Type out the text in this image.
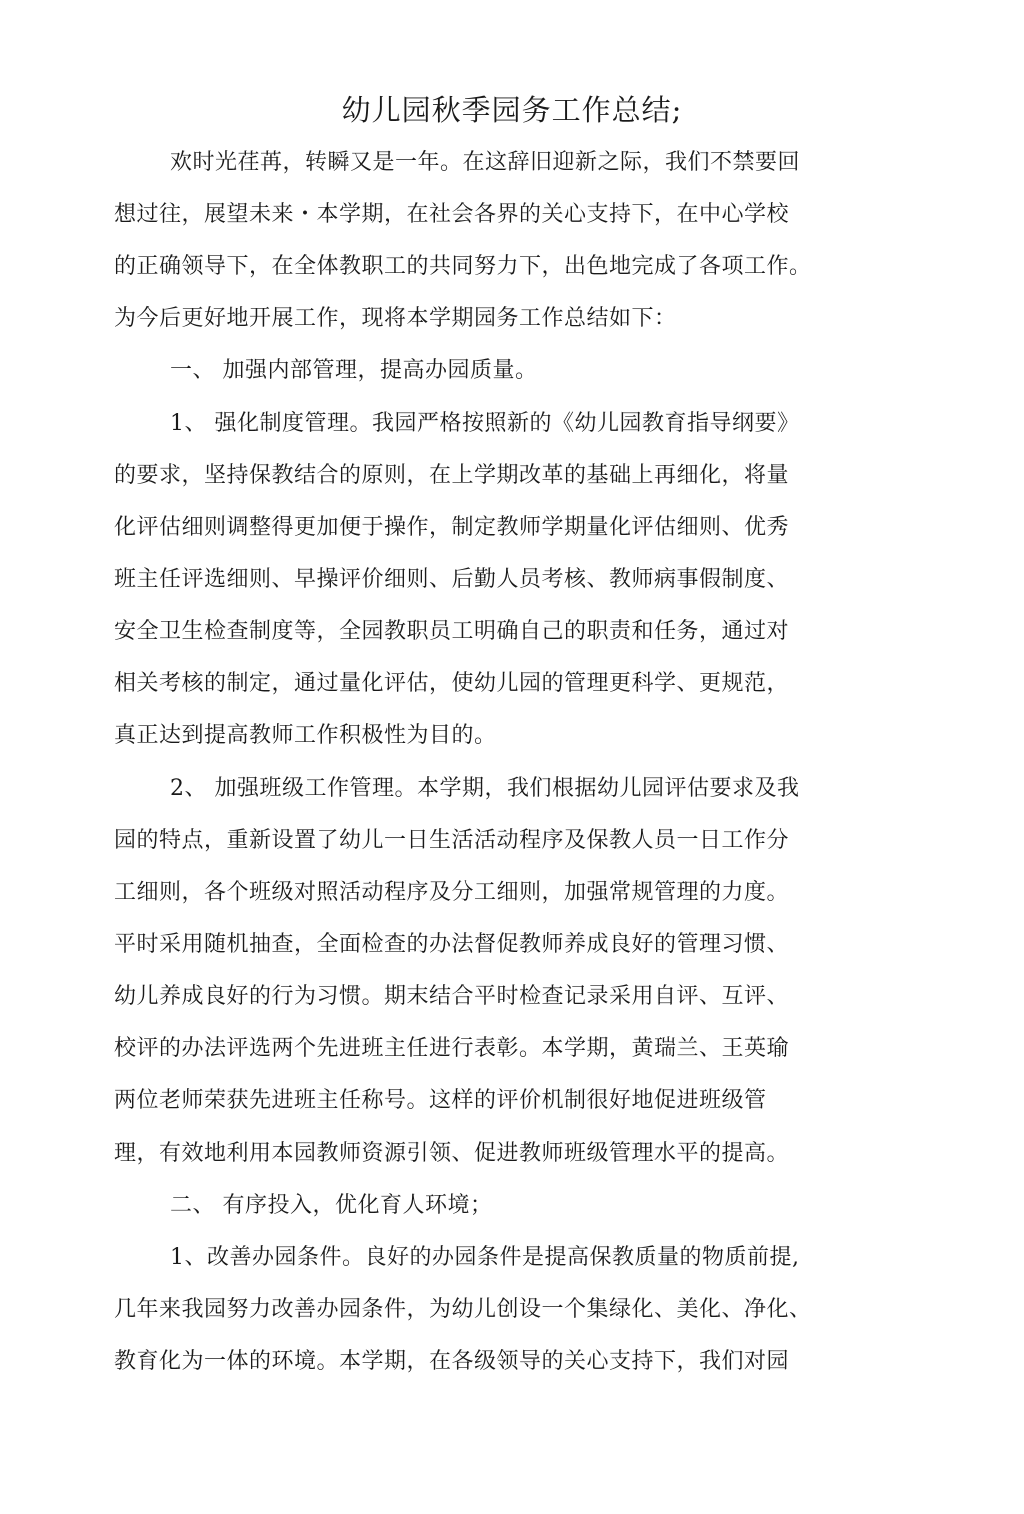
幼儿园秋季园务工作总结;

欢时光荏苒，转瞬又是一年。在这辞旧迎新之际，我们不禁要回

想过往，展望未来・本学期，在社会各界的关心支持下，在中心学校

的正确领导下，在全体教职工的共同努力下，出色地完成了各项工作。

为今后更好地开展工作，现将本学期园务工作总结如下：

一、 加强内部管理，提高办园质量。

1、 强化制度管理。我园严格按照新的《幼儿园教育指导纲要》

的要求，坚持保教结合的原则，在上学期改革的基础上再细化，将量

化评估细则调整得更加便于操作，制定教师学期量化评估细则、优秀

班主任评选细则、早操评价细则、后勤人员考核、教师病事假制度、

安全卫生检查制度等，全园教职员工明确自己的职责和任务，通过对

相关考核的制定，通过量化评估，使幼儿园的管理更科学、更规范，

真正达到提高教师工作积极性为目的。

2、 加强班级工作管理。本学期，我们根据幼儿园评估要求及我

园的特点，重新设置了幼儿一日生活活动程序及保教人员一日工作分

工细则，各个班级对照活动程序及分工细则，加强常规管理的力度。

平时采用随机抽查，全面检查的办法督促教师养成良好的管理习惯、

幼儿养成良好的行为习惯。期末结合平时检查记录采用自评、互评、

校评的办法评选两个先进班主任进行表彰。本学期，黄瑞兰、王英瑜

两位老师荣获先进班主任称号。这样的评价机制很好地促进班级管

理，有效地利用本园教师资源引领、促进教师班级管理水平的提高。

二、 有序投入，优化育人环境；

1、改善办园条件。良好的办园条件是提高保教质量的物质前提,

几年来我园努力改善办园条件，为幼儿创设一个集绿化、美化、净化、

教育化为一体的环境。本学期，在各级领导的关心支持下，我们对园
